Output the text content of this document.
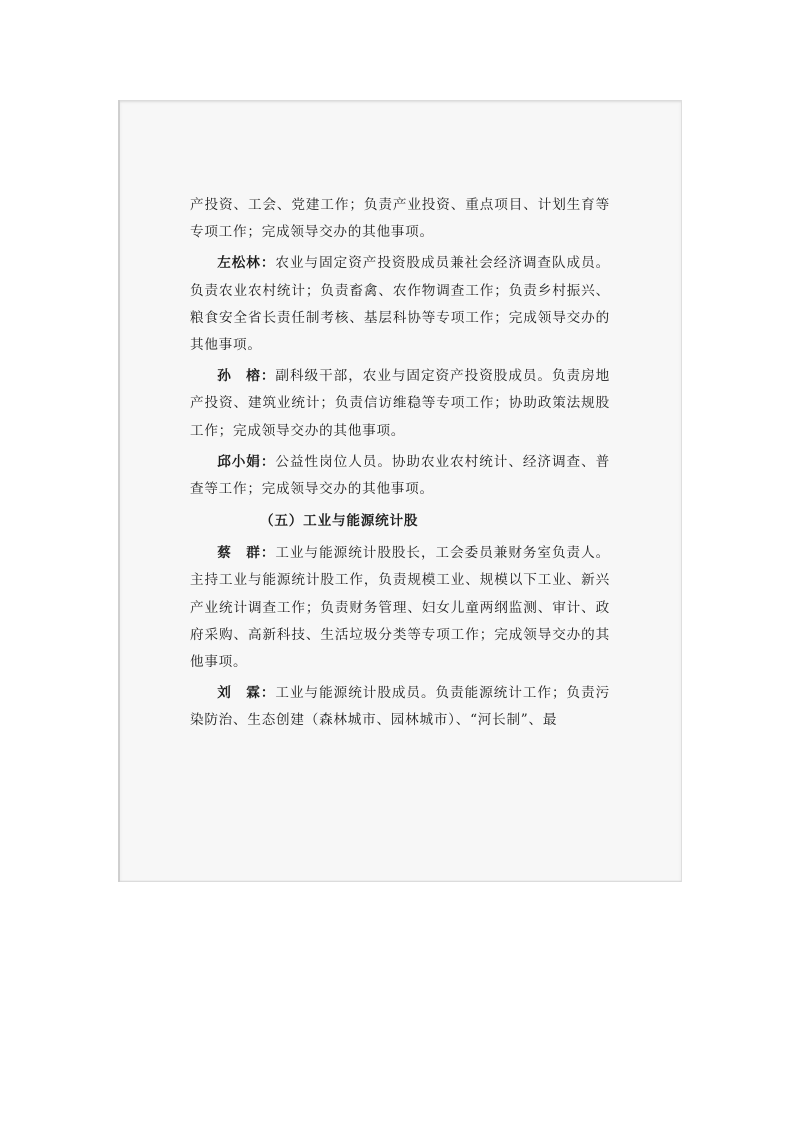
产投资、工会、党建工作；负责产业投资、重点项目、计划生育等专项工作；完成领导交办的其他事项。

左松林：农业与固定资产投资股成员兼社会经济调查队成员。负责农业农村统计；负责畜禽、农作物调查工作；负责乡村振兴、粮食安全省长责任制考核、基层科协等专项工作；完成领导交办的其他事项。

孙　榕：副科级干部，农业与固定资产投资股成员。负责房地产投资、建筑业统计；负责信访维稳等专项工作；协助政策法规股工作；完成领导交办的其他事项。

邱小娟：公益性岗位人员。协助农业农村统计、经济调查、普查等工作；完成领导交办的其他事项。

（五）工业与能源统计股

蔡　群：工业与能源统计股股长，工会委员兼财务室负责人。主持工业与能源统计股工作，负责规模工业、规模以下工业、新兴产业统计调查工作；负责财务管理、妇女儿童两纲监测、审计、政府采购、高新科技、生活垃圾分类等专项工作；完成领导交办的其他事项。

刘　霖：工业与能源统计股成员。负责能源统计工作；负责污染防治、生态创建（森林城市、园林城市）、“河长制”、最
